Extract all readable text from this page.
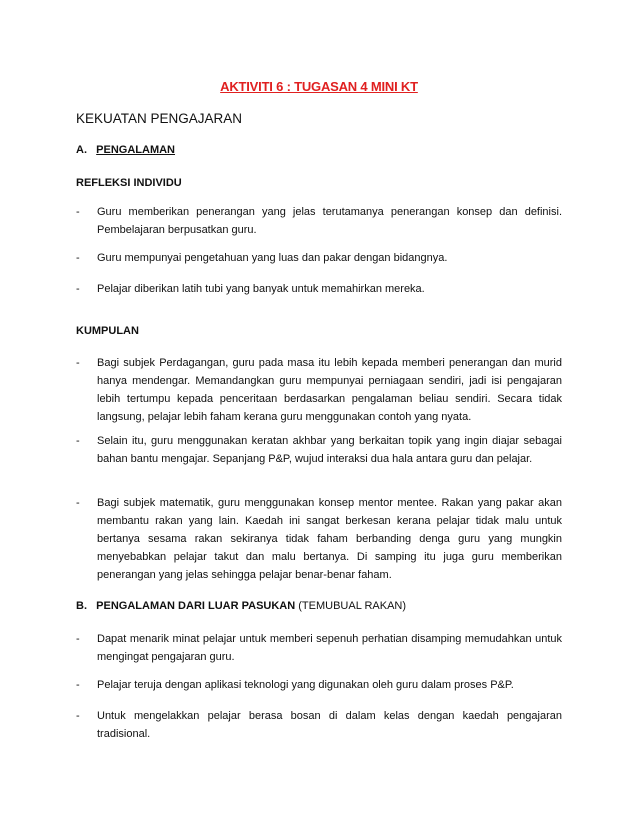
AKTIVITI 6 : TUGASAN 4 MINI KT
KEKUATAN PENGAJARAN
A. PENGALAMAN
REFLEKSI INDIVIDU
-	Guru memberikan penerangan yang jelas terutamanya penerangan konsep dan definisi. Pembelajaran berpusatkan guru.
-	Guru mempunyai pengetahuan yang luas dan pakar dengan bidangnya.
-	Pelajar diberikan latih tubi yang banyak untuk memahirkan mereka.
KUMPULAN
-	Bagi subjek Perdagangan, guru pada masa itu lebih kepada memberi penerangan dan murid hanya mendengar. Memandangkan guru mempunyai perniagaan sendiri, jadi isi pengajaran lebih tertumpu kepada penceritaan berdasarkan pengalaman beliau sendiri. Secara tidak langsung, pelajar lebih faham kerana guru menggunakan contoh yang nyata.
-	Selain itu, guru menggunakan keratan akhbar yang berkaitan topik yang ingin diajar sebagai bahan bantu mengajar. Sepanjang P&P, wujud interaksi dua hala antara guru dan pelajar.
-	Bagi subjek matematik, guru menggunakan konsep mentor mentee. Rakan yang pakar akan membantu rakan yang lain. Kaedah ini sangat berkesan kerana pelajar tidak malu untuk bertanya sesama rakan sekiranya tidak faham berbanding denga guru yang mungkin menyebabkan pelajar takut dan malu bertanya. Di samping itu juga guru memberikan penerangan yang jelas sehingga pelajar benar-benar faham.
B. PENGALAMAN DARI LUAR PASUKAN (TEMUBUAL RAKAN)
-	Dapat menarik minat pelajar untuk memberi sepenuh perhatian disamping memudahkan untuk mengingat pengajaran guru.
-	Pelajar teruja dengan aplikasi teknologi yang digunakan oleh guru dalam proses P&P.
-	Untuk mengelakkan pelajar berasa bosan di dalam kelas dengan kaedah pengajaran tradisional.
